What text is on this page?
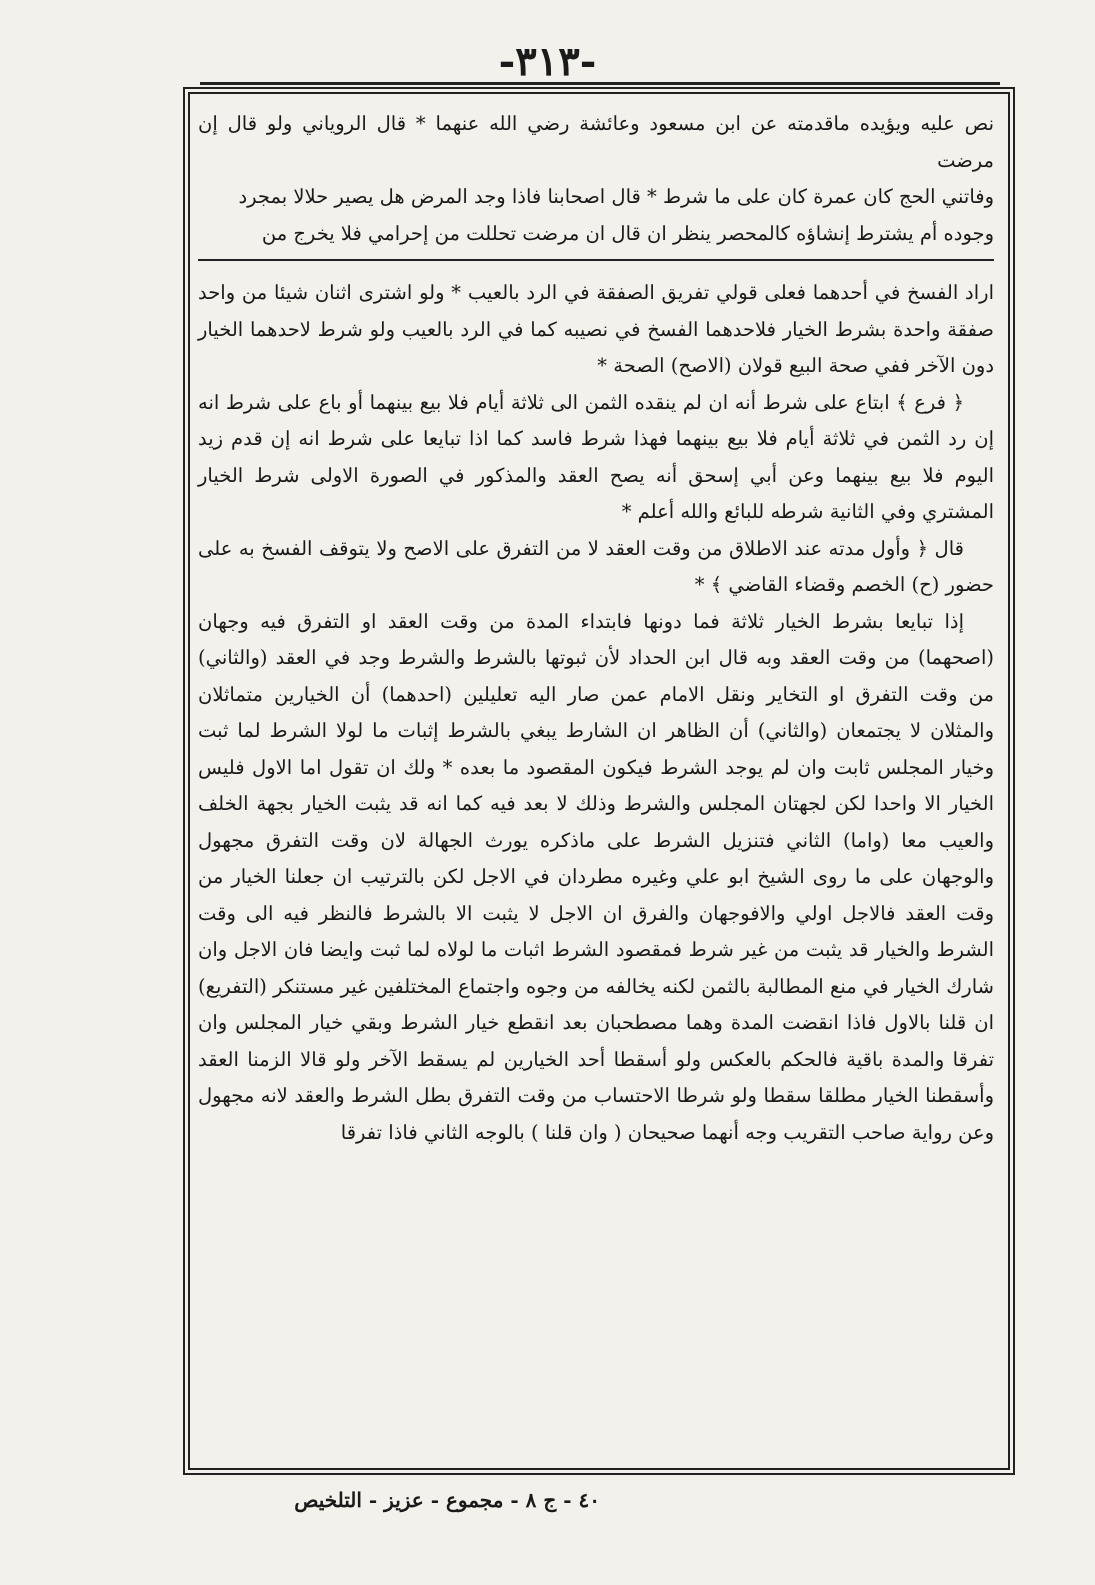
-٣١٣-

نص عليه ويؤيده ماقدمته عن ابن مسعود وعائشة رضي الله عنهما * قال الروياني ولو قال إن مرضت

وفاتني الحج كان عمرة كان على ما شرط * قال اصحابنا فاذا وجد المرض هل يصير حلالا بمجرد

وجوده أم يشترط إنشاؤه كالمحصر ينظر ان قال ان مرضت تحللت من إحرامي فلا يخرج من

اراد الفسخ في أحدهما فعلى قولي تفريق الصفقة في الرد بالعيب * ولو اشترى اثنان شيئا من واحد صفقة واحدة بشرط الخيار فلاحدهما الفسخ في نصيبه كما في الرد بالعيب ولو شرط لاحدهما الخيار دون الآخر ففي صحة البيع قولان (الاصح) الصحة *

﴿ فرع ﴾ ابتاع على شرط أنه ان لم ينقده الثمن الى ثلاثة أيام فلا بيع بينهما أو باع على شرط انه إن رد الثمن في ثلاثة أيام فلا بيع بينهما فهذا شرط فاسد كما اذا تبايعا على شرط انه إن قدم زيد اليوم فلا بيع بينهما وعن أبي إسحق أنه يصح العقد والمذكور في الصورة الاولى شرط الخيار المشتري وفي الثانية شرطه للبائع والله أعلم *

قال ﴿ وأول مدته عند الاطلاق من وقت العقد لا من التفرق على الاصح ولا يتوقف الفسخ به على حضور (ح) الخصم وقضاء القاضي ﴾ *

إذا تبايعا بشرط الخيار ثلاثة فما دونها فابتداء المدة من وقت العقد او التفرق فيه وجهان (اصحهما) من وقت العقد وبه قال ابن الحداد لأن ثبوتها بالشرط والشرط وجد في العقد (والثاني) من وقت التفرق او التخاير ونقل الامام عمن صار اليه تعليلين (احدهما) أن الخيارين متماثلان والمثلان لا يجتمعان (والثاني) أن الظاهر ان الشارط يبغي بالشرط إثبات ما لولا الشرط لما ثبت وخيار المجلس ثابت وان لم يوجد الشرط فيكون المقصود ما بعده * ولك ان تقول اما الاول فليس الخيار الا واحدا لكن لجهتان المجلس والشرط وذلك لا بعد فيه كما انه قد يثبت الخيار بجهة الخلف والعيب معا (واما) الثاني فتنزيل الشرط على ماذكره يورث الجهالة لان وقت التفرق مجهول والوجهان على ما روى الشيخ ابو علي وغيره مطردان في الاجل لكن بالترتيب ان جعلنا الخيار من وقت العقد فالاجل اولي والافوجهان والفرق ان الاجل لا يثبت الا بالشرط فالنظر فيه الى وقت الشرط والخيار قد يثبت من غير شرط فمقصود الشرط اثبات ما لولاه لما ثبت وايضا فان الاجل وان شارك الخيار في منع المطالبة بالثمن لكنه يخالفه من وجوه واجتماع المختلفين غير مستنكر (التفريع) ان قلنا بالاول فاذا انقضت المدة وهما مصطحبان بعد انقطع خيار الشرط وبقي خيار المجلس وان تفرقا والمدة باقية فالحكم بالعكس ولو أسقطا أحد الخيارين لم يسقط الآخر ولو قالا الزمنا العقد وأسقطنا الخيار مطلقا سقطا ولو شرطا الاحتساب من وقت التفرق بطل الشرط والعقد لانه مجهول وعن رواية صاحب التقريب وجه أنهما صحيحان ( وان قلنا ) بالوجه الثاني فاذا تفرقا

٤٠ - ج ٨ - مجموع - عزيز - التلخيص
